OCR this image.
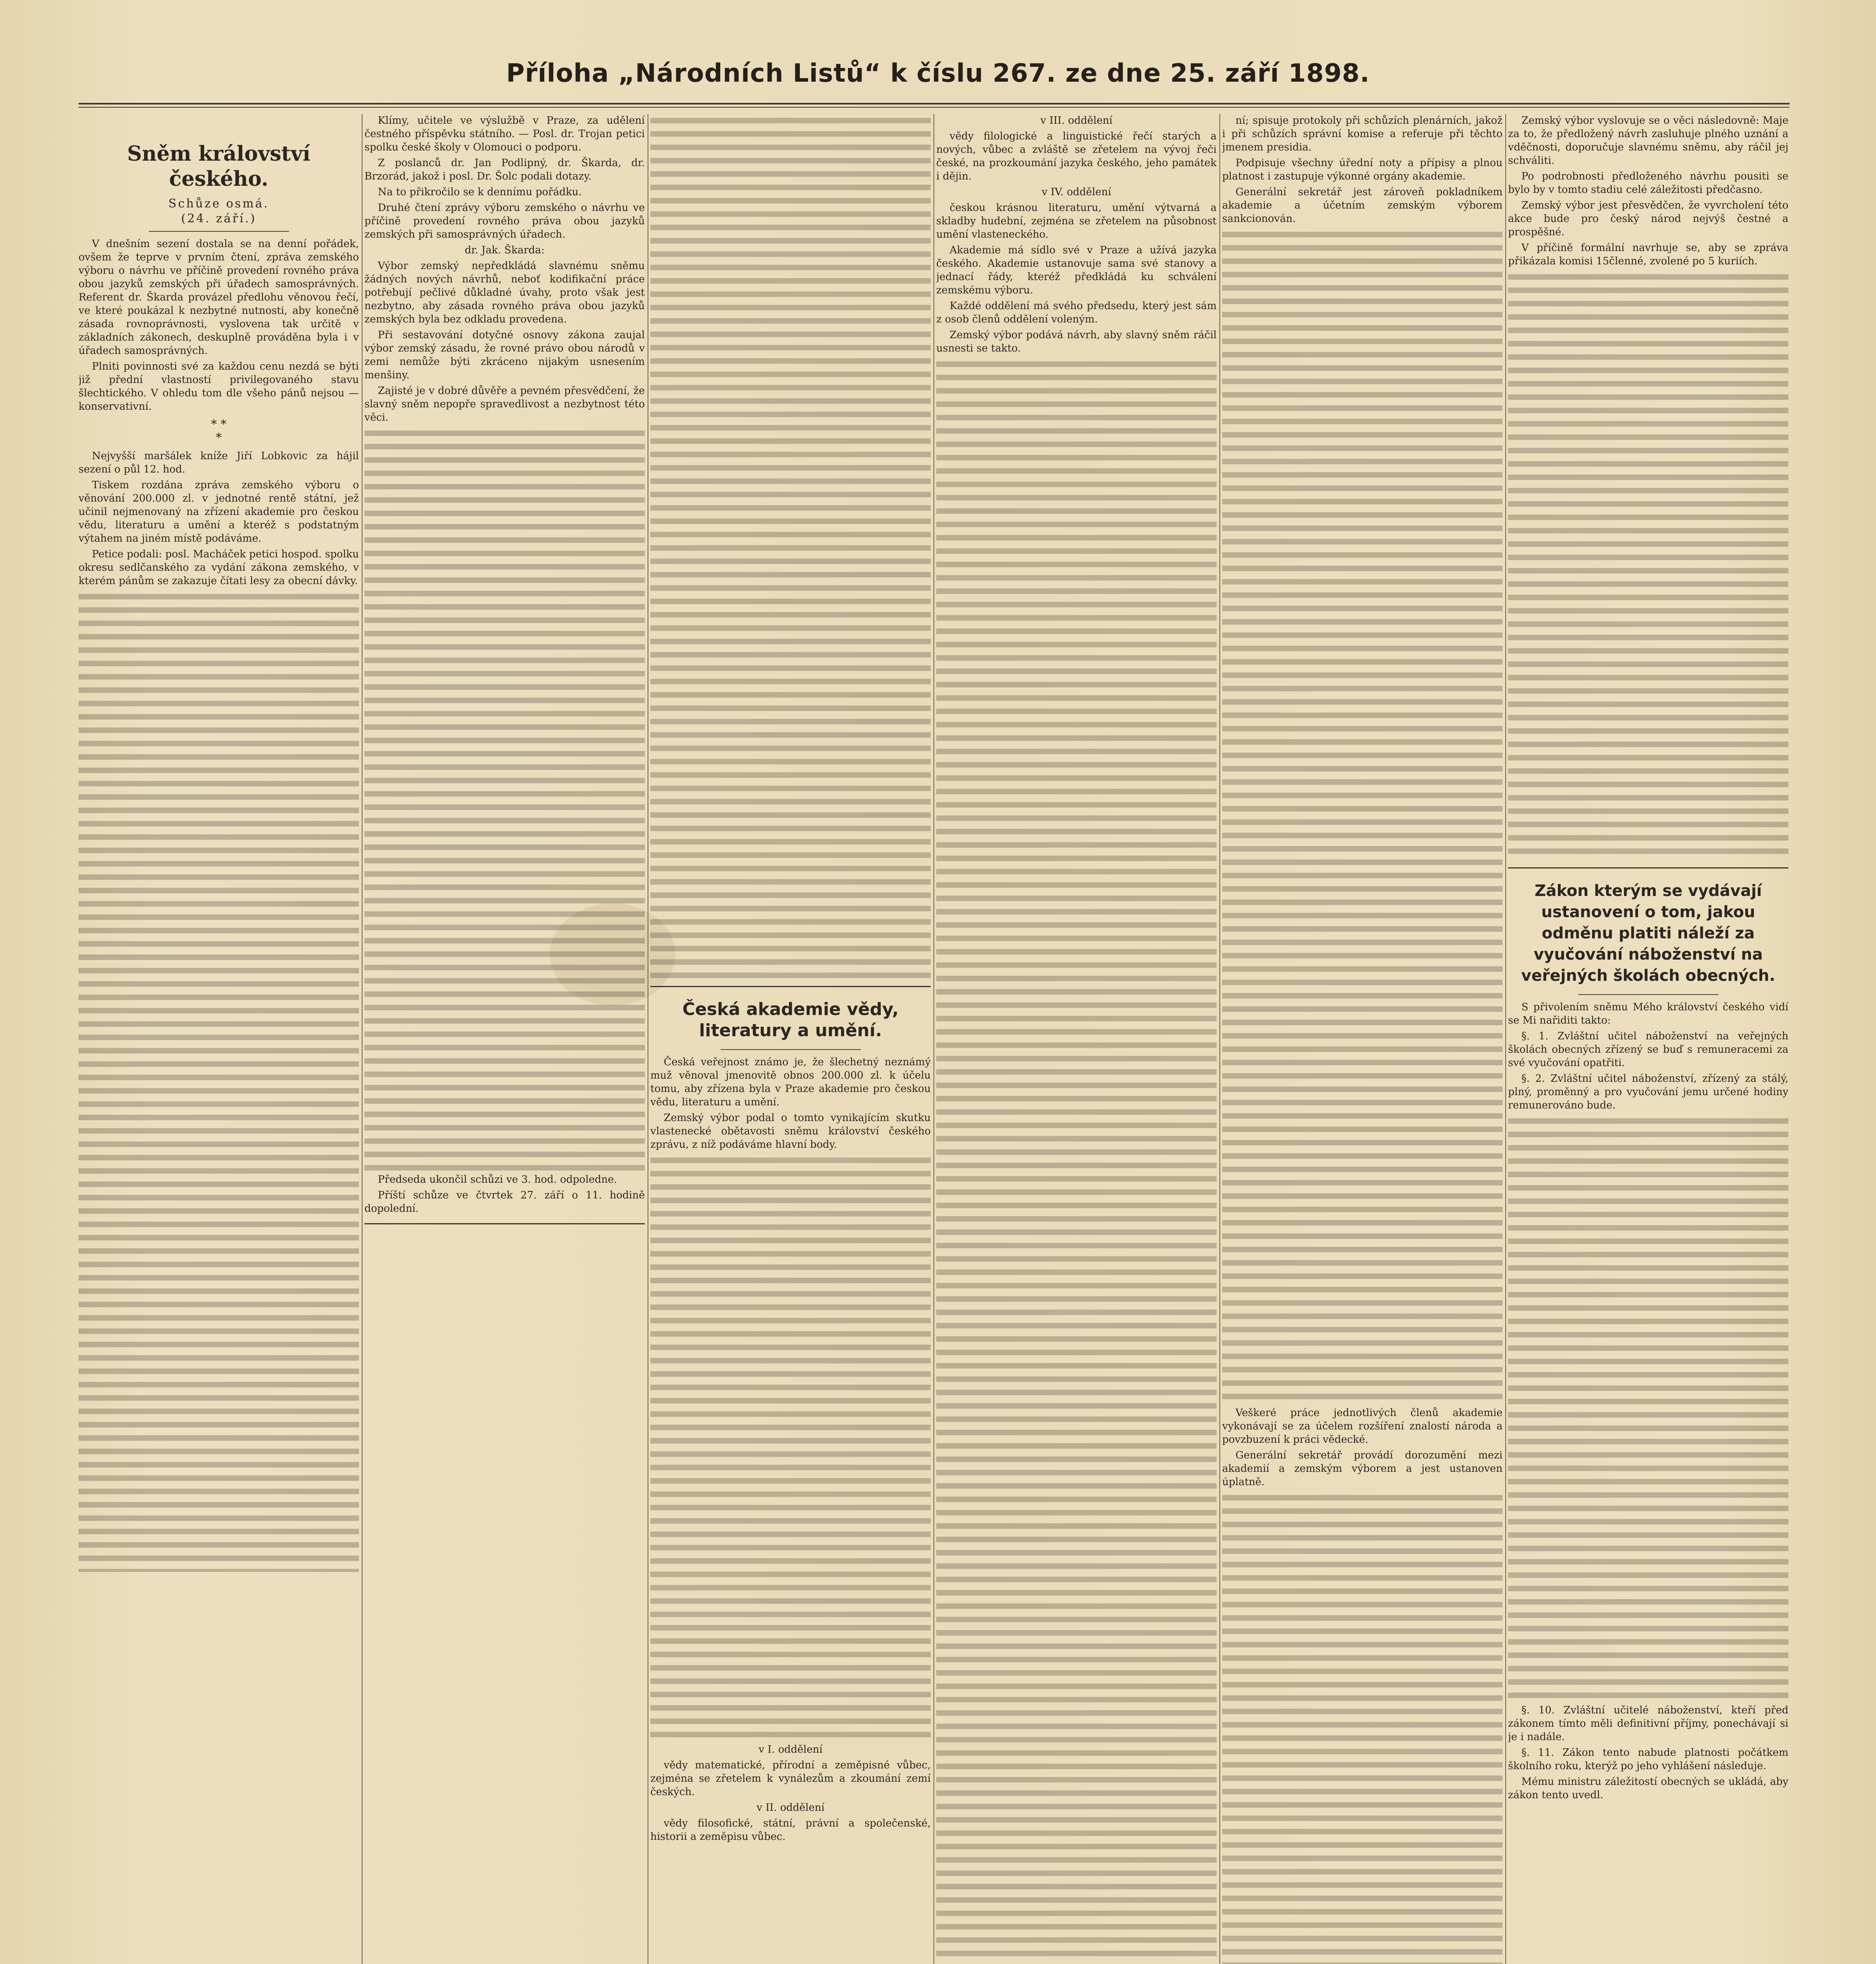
Příloha „Národních Listů“ k číslu 267. ze dne 25. září 1898.
Sněm království českého.
Schůze osmá.
(24. září.)

V dnešním sezení dostala se na denní pořádek, ovšem že teprve v prvním čtení, zpráva zemského výboru o návrhu ve příčině provedení rovného práva obou jazyků zemských při úřadech samosprávných. Referent dr. Škarda provázel předlohu věnovou řečí, ve které poukázal k nezbytné nutnosti, aby konečně zásada rovnoprávnosti, vyslovena tak určitě v základních zákonech, deskuplně prováděna byla i v úřadech samosprávných.

Plniti povinnosti své za každou cenu nezdá se býti již přední vlastností privilegovaného stavu šlechtického. V ohledu tom dle všeho pánů nejsou — konservativní.

* *
*

Nejvyšší maršálek kníže Jiří Lobkovic za hájil sezení o půl 12. hod.

Tiskem rozdána zpráva zemského výboru o věnování 200.000 zl. v jednotné rentě státní, jež učinil nejmenovaný na zřízení akademie pro českou vědu, literaturu a umění a kteréž s podstatným výtahem na jiném místě podáváme.

Petice podali: posl. Macháček petici hospod. spolku okresu sedlčanského za vydání zákona zemského, v kterém pánům se zakazuje čítati lesy za obecní dávky.

Klímy, učitele ve výslužbě v Praze, za udělení čestného příspěvku státního. — Posl. dr. Trojan petici spolku české školy v Olomouci o podporu.

Z poslanců dr. Jan Podlipný, dr. Škarda, dr. Brzorád, jakož i posl. Dr. Šolc podali dotazy.

Na to přikročilo se k dennímu pořádku.

Druhé čtení zprávy výboru zemského o návrhu ve příčině provedení rovného práva obou jazyků zemských při samosprávných úřadech.

dr. Jak. Škarda:

Výbor zemský nepředkládá slavnému sněmu žádných nových návrhů, neboť kodifikační práce potřebují pečlivé důkladné úvahy, proto však jest nezbytno, aby zásada rovného práva obou jazyků zemských byla bez odkladu provedena.

Při sestavování dotyčné osnovy zákona zaujal výbor zemský zásadu, že rovné právo obou národů v zemi nemůže býti zkráceno nijakým usnesením menšiny.

Zajisté je v dobré důvěře a pevném přesvědčení, že slavný sněm nepopře spravedlivost a nezbytnost této věci.

Předseda ukončil schůzi ve 3. hod. odpoledne.

Příští schůze ve čtvrtek 27. září o 11. hodině dopolední.

Česká akademie vědy, literatury a umění.

Česká veřejnost známo je, že šlechetný neznámý muž věnoval jmenovitě obnos 200.000 zl. k účelu tomu, aby zřízena byla v Praze akademie pro českou vědu, literaturu a umění.

Zemský výbor podal o tomto vynikajícím skutku vlastenecké obětavosti sněmu království českého zprávu, z níž podáváme hlavní body.

v I. oddělení

vědy matematické, přírodní a zeměpisné vůbec, zejména se zřetelem k vynálezům a zkoumání zemí českých.

v II. oddělení

vědy filosofické, státní, právní a společenské, historii a zeměpisu vůbec.

v III. oddělení

vědy filologické a linguistické řečí starých a nových, vůbec a zvláště se zřetelem na vývoj řeči české, na prozkoumání jazyka českého, jeho památek i dějin.

v IV. oddělení

českou krásnou literaturu, umění výtvarná a skladby hudební, zejména se zřetelem na působnost umění vlasteneckého.

Akademie má sídlo své v Praze a užívá jazyka českého. Akademie ustanovuje sama své stanovy a jednací řády, kteréž předkládá ku schválení zemskému výboru.

Každé oddělení má svého předsedu, který jest sám z osob členů oddělení voleným.

Zemský výbor podává návrh, aby slavný sněm ráčil usnesti se takto.

ní; spisuje protokoly při schůzích plenárních, jakož i při schůzích správní komise a referuje při těchto jmenem presidia.

Podpisuje všechny úřední noty a přípisy a plnou platnost i zastupuje výkonné orgány akademie.

Generální sekretář jest zároveň pokladníkem akademie a účetním zemským výborem sankcionován.

Veškeré práce jednotlivých členů akademie vykonávají se za účelem rozšíření znalostí národa a povzbuzení k práci vědecké.

Generální sekretář provádí dorozumění mezi akademií a zemským výborem a jest ustanoven úplatně.

Zemský výbor vyslovuje se o věci následovně: Maje za to, že předložený návrh zasluhuje plného uznání a vděčnosti, doporučuje slavnému sněmu, aby ráčil jej schváliti.

Po podrobnosti předloženého návrhu pousiti se bylo by v tomto stadiu celé záležitosti předčasno.

Zemský výbor jest přesvědčen, že vyvrcholení této akce bude pro český národ nejvýš čestné a prospěšné.

V příčině formální navrhuje se, aby se zpráva přikázala komisi 15členné, zvolené po 5 kuriích.

Zákon kterým se vydávají ustanovení o tom, jakou odměnu platiti náleží za vyučování náboženství na veřejných školách obecných.

S přivolením sněmu Mého království českého vidí se Mi nařiditi takto:

§. 1. Zvláštní učitel náboženství na veřejných školách obecných zřízený se buď s remuneracemi za své vyučování opatřiti.

§. 2. Zvláštní učitel náboženství, zřízený za stálý, plný, proměnný a pro vyučování jemu určené hodiny remunerováno bude.

§. 10. Zvláštní učitelé náboženství, kteří před zákonem tímto měli definitivní příjmy, ponechávají si je i nadále.

§. 11. Zákon tento nabude platnosti počátkem školního roku, kterýž po jeho vyhlášení následuje.

Mému ministru záležitostí obecných se ukládá, aby zákon tento uvedl.
